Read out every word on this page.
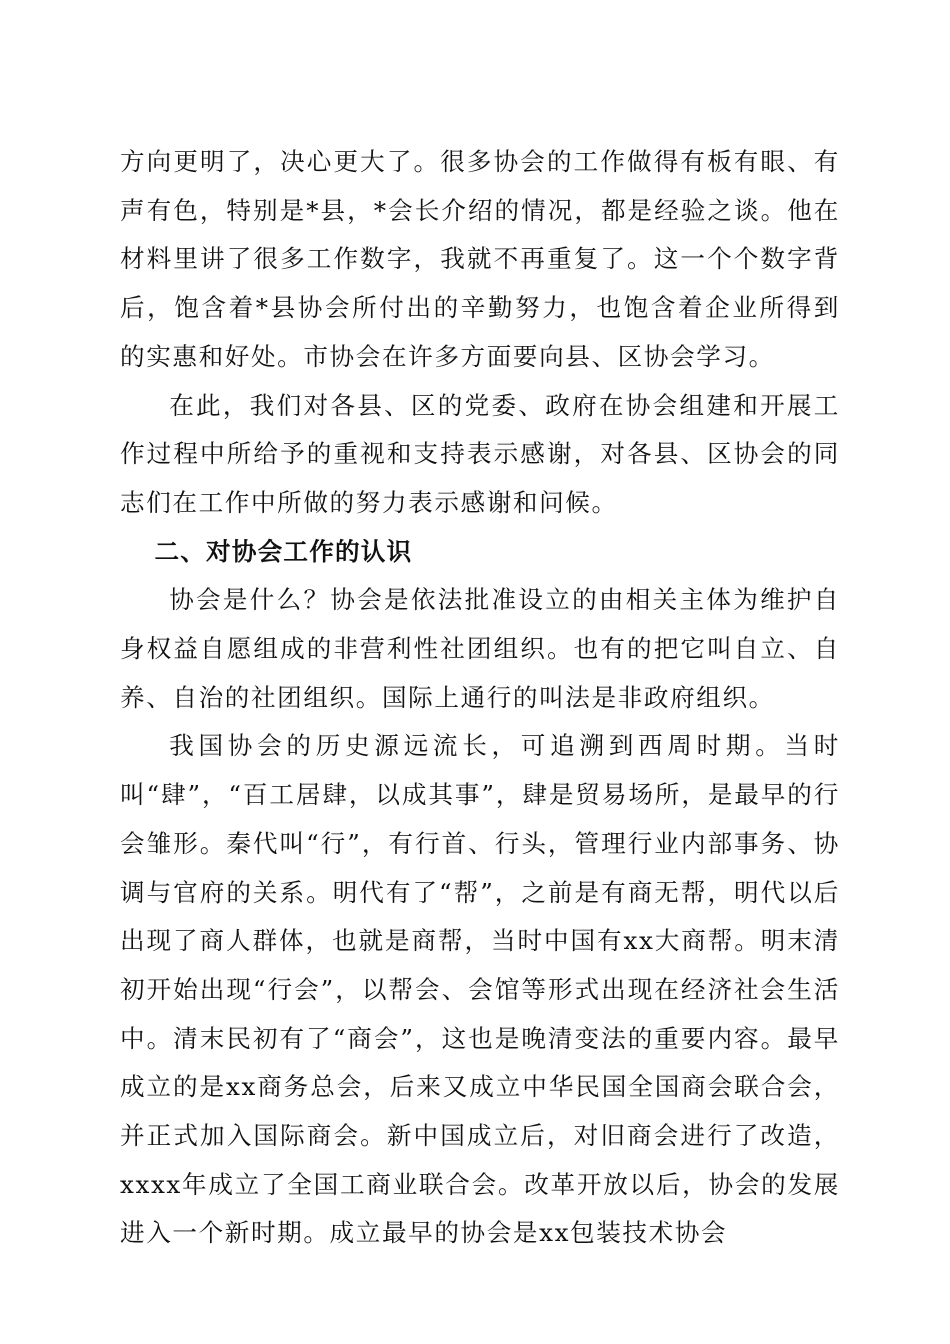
方向更明了，决心更大了。很多协会的工作做得有板有眼、有声有色，特别是*县，*会长介绍的情况，都是经验之谈。他在材料里讲了很多工作数字，我就不再重复了。这一个个数字背后，饱含着*县协会所付出的辛勤努力，也饱含着企业所得到的实惠和好处。市协会在许多方面要向县、区协会学习。

在此，我们对各县、区的党委、政府在协会组建和开展工作过程中所给予的重视和支持表示感谢，对各县、区协会的同志们在工作中所做的努力表示感谢和问候。

二、对协会工作的认识

协会是什么？协会是依法批准设立的由相关主体为维护自身权益自愿组成的非营利性社团组织。也有的把它叫自立、自养、自治的社团组织。国际上通行的叫法是非政府组织。

我国协会的历史源远流长，可追溯到西周时期。当时叫“肆”，“百工居肆，以成其事”，肆是贸易场所，是最早的行会雏形。秦代叫“行”，有行首、行头，管理行业内部事务、协调与官府的关系。明代有了“帮”，之前是有商无帮，明代以后出现了商人群体，也就是商帮，当时中国有xx大商帮。明末清初开始出现“行会”，以帮会、会馆等形式出现在经济社会生活中。清末民初有了“商会”，这也是晚清变法的重要内容。最早成立的是xx商务总会，后来又成立中华民国全国商会联合会，并正式加入国际商会。新中国成立后，对旧商会进行了改造，xxxx年成立了全国工商业联合会。改革开放以后，协会的发展进入一个新时期。成立最早的协会是xx包装技术协会
